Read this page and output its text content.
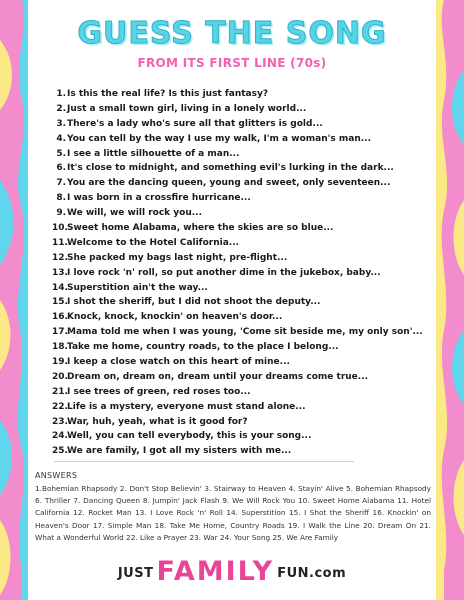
GUESS THE SONG
FROM ITS FIRST LINE (70s)
1.Is this the real life? Is this just fantasy?
2.Just a small town girl, living in a lonely world...
3.There's a lady who's sure all that glitters is gold...
4.You can tell by the way I use my walk, I'm a woman's man...
5.I see a little silhouette of a man...
6.It's close to midnight, and something evil's lurking in the dark...
7.You are the dancing queen, young and sweet, only seventeen...
8.I was born in a crossfire hurricane...
9.We will, we will rock you...
10.Sweet home Alabama, where the skies are so blue...
11.Welcome to the Hotel California...
12.She packed my bags last night, pre-flight...
13.I love rock 'n' roll, so put another dime in the jukebox, baby...
14.Superstition ain't the way...
15.I shot the sheriff, but I did not shoot the deputy...
16.Knock, knock, knockin' on heaven's door...
17.Mama told me when I was young, 'Come sit beside me, my only son'...
18.Take me home, country roads, to the place I belong...
19.I keep a close watch on this heart of mine...
20.Dream on, dream on, dream until your dreams come true...
21.I see trees of green, red roses too...
22.Life is a mystery, everyone must stand alone...
23.War, huh, yeah, what is it good for?
24.Well, you can tell everybody, this is your song...
25.We are family, I got all my sisters with me...
ANSWERS
1.Bohemian Rhapsody 2. Don't Stop Believin' 3. Stairway to Heaven 4. Stayin' Alive 5. Bohemian Rhapsody 6. Thriller 7. Dancing Queen 8. Jumpin' Jack Flash 9. We Will Rock You 10. Sweet Home Alabama 11. Hotel California 12. Rocket Man 13. I Love Rock 'n' Roll 14. Superstition 15. I Shot the Sheriff 16. Knockin' on Heaven's Door 17. Simple Man 18. Take Me Home, Country Roads 19. I Walk the Line 20. Dream On 21. What a Wonderful World 22. Like a Prayer 23. War 24. Your Song 25. We Are Family
JUST FAMILY FUN.com
